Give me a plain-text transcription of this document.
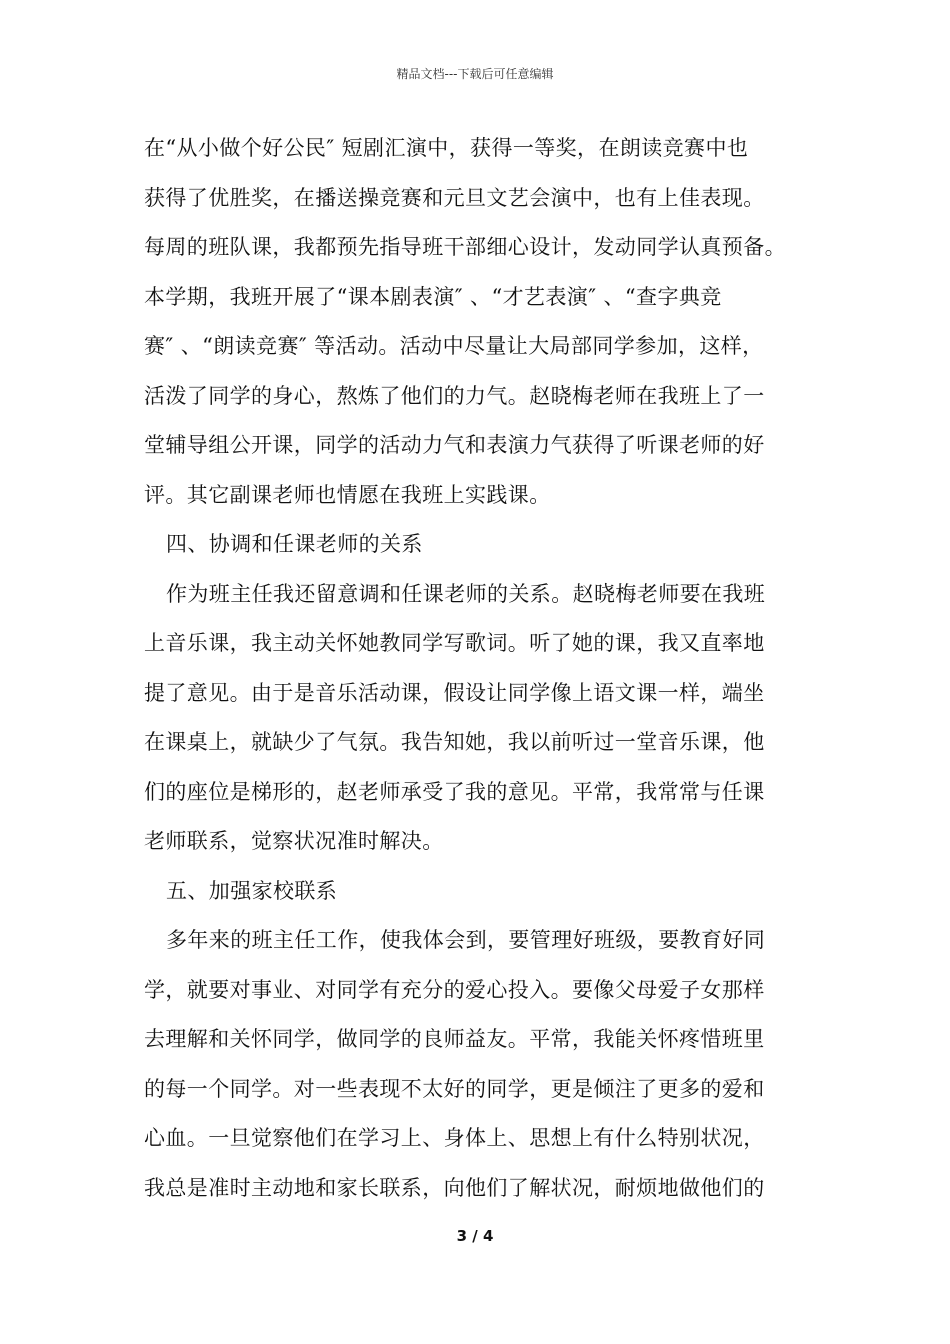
精品文档---下载后可任意编辑
在“从小做个好公民″ 短剧汇演中，获得一等奖，在朗读竞赛中也
获得了优胜奖，在播送操竞赛和元旦文艺会演中，也有上佳表现。
每周的班队课，我都预先指导班干部细心设计，发动同学认真预备。
本学期，我班开展了“课本剧表演″ 、“才艺表演″ 、“查字典竞
赛″ 、“朗读竞赛″ 等活动。活动中尽量让大局部同学参加，这样，
活泼了同学的身心，熬炼了他们的力气。赵晓梅老师在我班上了一
堂辅导组公开课，同学的活动力气和表演力气获得了听课老师的好
评。其它副课老师也情愿在我班上实践课。
四、协调和任课老师的关系
作为班主任我还留意调和任课老师的关系。赵晓梅老师要在我班
上音乐课，我主动关怀她教同学写歌词。听了她的课，我又直率地
提了意见。由于是音乐活动课，假设让同学像上语文课一样，端坐
在课桌上，就缺少了气氛。我告知她，我以前听过一堂音乐课，他
们的座位是梯形的，赵老师承受了我的意见。平常，我常常与任课
老师联系，觉察状况准时解决。
五、加强家校联系
多年来的班主任工作，使我体会到，要管理好班级，要教育好同
学，就要对事业、对同学有充分的爱心投入。要像父母爱子女那样
去理解和关怀同学，做同学的良师益友。平常，我能关怀疼惜班里
的每一个同学。对一些表现不太好的同学，更是倾注了更多的爱和
心血。一旦觉察他们在学习上、身体上、思想上有什么特别状况，
我总是准时主动地和家长联系，向他们了解状况，耐烦地做他们的
3 / 4
